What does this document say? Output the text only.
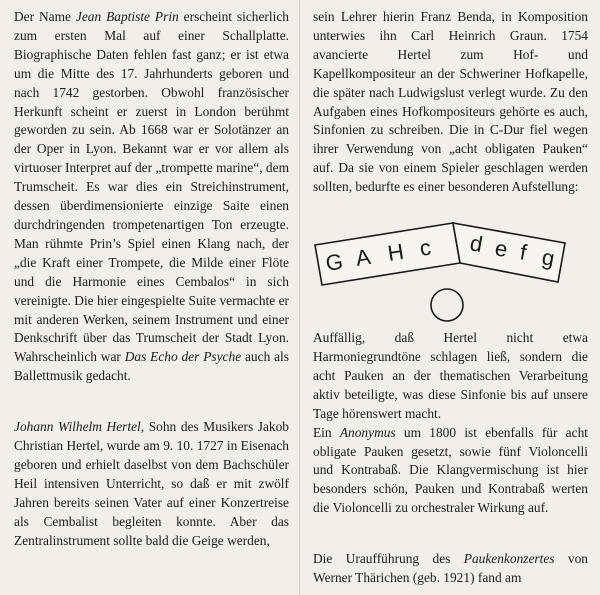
Der Name Jean Baptiste Prin erscheint sicherlich zum ersten Mal auf einer Schallplatte. Biographische Daten fehlen fast ganz; er ist etwa um die Mitte des 17. Jahrhunderts geboren und nach 1742 gestorben. Obwohl französischer Herkunft scheint er zuerst in London berühmt geworden zu sein. Ab 1668 war er Solotänzer an der Oper in Lyon. Bekannt war er vor allem als virtuoser Interpret auf der „trompette marine“, dem Trumscheit. Es war dies ein Streichinstrument, dessen überdimensionierte einzige Saite einen durchdringenden trompetenartigen Ton erzeugte. Man rühmte Prin’s Spiel einen Klang nach, der „die Kraft einer Trompete, die Milde einer Flöte und die Harmonie eines Cembalos“ in sich vereinigte. Die hier eingespielte Suite vermachte er mit anderen Werken, seinem Instrument und einer Denkschrift über das Trumscheit der Stadt Lyon. Wahrscheinlich war Das Echo der Psyche auch als Ballettmusik gedacht.

Johann Wilhelm Hertel, Sohn des Musikers Jakob Christian Hertel, wurde am 9. 10. 1727 in Eisenach geboren und erhielt daselbst von dem Bachschüler Heil intensiven Unterricht, so daß er mit zwölf Jahren bereits seinen Vater auf einer Konzertreise als Cembalist begleiten konnte. Aber das Zentralinstrument sollte bald die Geige werden,

sein Lehrer hierin Franz Benda, in Komposition unterwies ihn Carl Heinrich Graun. 1754 avancierte Hertel zum Hof- und Kapellkompositeur an der Schweriner Hofkapelle, die später nach Ludwigslust verlegt wurde. Zu den Aufgaben eines Hofkompositeurs gehörte es auch, Sinfonien zu schreiben. Die in C-Dur fiel wegen ihrer Verwendung von „acht obligaten Pauken“ auf. Da sie von einem Spieler geschlagen werden sollten, bedurfte es einer besonderen Aufstellung:

G A H c d e f g

Auffällig, daß Hertel nicht etwa Harmoniegrundtöne schlagen ließ, sondern die acht Pauken an der thematischen Verarbeitung aktiv beteiligte, was diese Sinfonie bis auf unsere Tage hörenswert macht.

Ein Anonymus um 1800 ist ebenfalls für acht obligate Pauken gesetzt, sowie fünf Violoncelli und Kontrabaß. Die Klangvermischung ist hier besonders schön, Pauken und Kontrabaß werten die Violoncelli zu orchestraler Wirkung auf.

Die Uraufführung des Paukenkonzertes von Werner Thärichen (geb. 1921) fand am
